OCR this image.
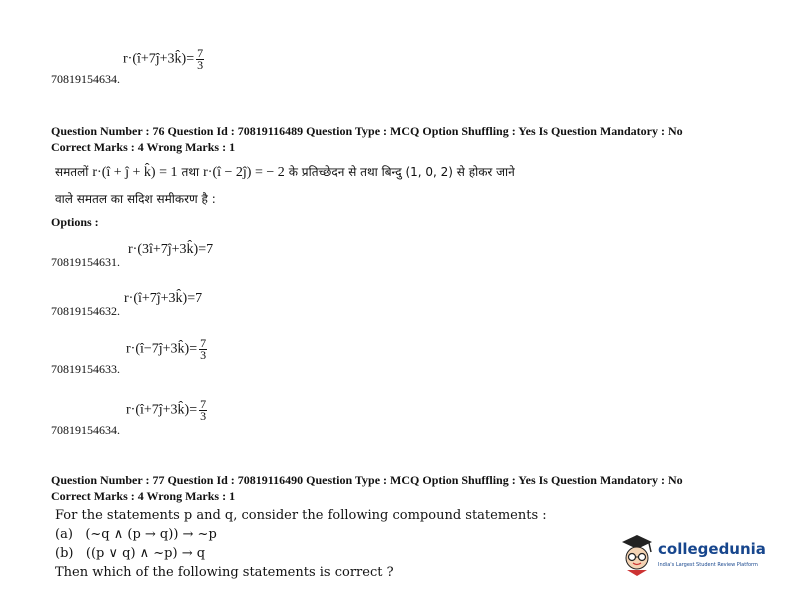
70819154634.
r·(î+7ĵ+3k̂)= $\frac{7}{3}$
Question Number : 76 Question Id : 70819116489 Question Type : MCQ Option Shuffling : Yes Is Question Mandatory : No
Correct Marks : 4 Wrong Marks : 1
समतलों r·(î + ĵ + k̂) = 1 तथा r·(î − 2ĵ) = − 2 के प्रतिच्छेदन से तथा बिन्दु (1, 0, 2) से होकर जाने
वाले समतल का सदिश समीकरण है :
Options :
70819154631.
r·(3î+7ĵ+3k̂)=7
70819154632.
r·(î+7ĵ+3k̂)=7
70819154633.
r·(î−7ĵ+3k̂)= $\frac{7}{3}$
70819154634.
r·(î+7ĵ+3k̂)= $\frac{7}{3}$
Question Number : 77 Question Id : 70819116490 Question Type : MCQ Option Shuffling : Yes Is Question Mandatory : No
Correct Marks : 4 Wrong Marks : 1
For the statements p and q, consider the following compound statements :
(a) (~q ∧ (p → q)) → ~p
(b) ((p ∨ q) ∧ ~p) → q
Then which of the following statements is correct ?
collegedunia
India's Largest Student Review Platform
